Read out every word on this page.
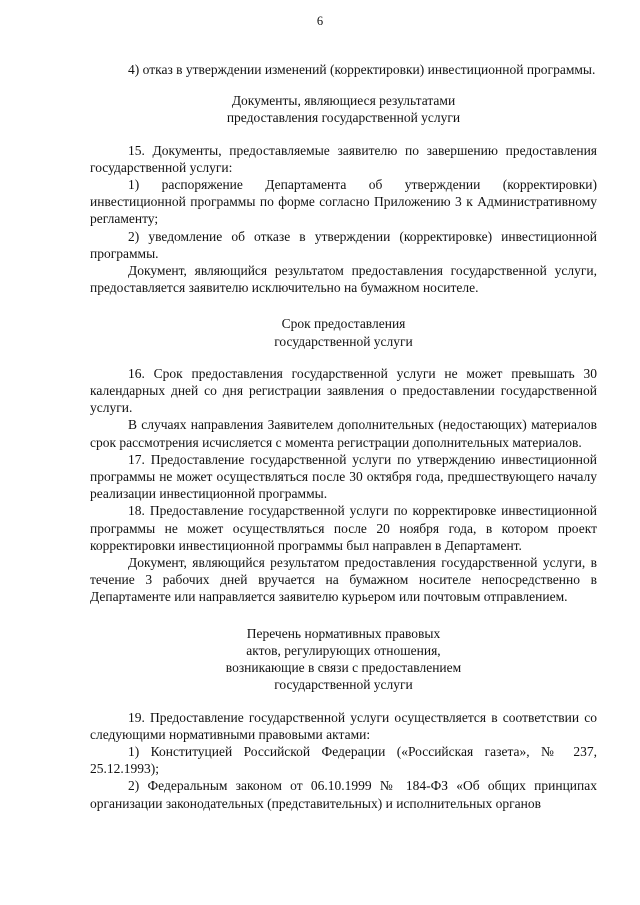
6

4) отказ в утверждении изменений (корректировки) инвестиционной программы.

Документы, являющиеся результатами
предоставления государственной услуги

15. Документы, предоставляемые заявителю по завершению предоставления государственной услуги:

1) распоряжение Департамента об утверждении (корректировки) инвестиционной программы по форме согласно Приложению 3 к Административному регламенту;

2) уведомление об отказе в утверждении (корректировке) инвестиционной программы.

Документ, являющийся результатом предоставления государственной услуги, предоставляется заявителю исключительно на бумажном носителе.

Срок предоставления
государственной услуги

16. Срок предоставления государственной услуги не может превышать 30 календарных дней со дня регистрации заявления о предоставлении государственной услуги.

В случаях направления Заявителем дополнительных (недостающих) материалов срок рассмотрения исчисляется с момента регистрации дополнительных материалов.

17. Предоставление государственной услуги по утверждению инвестиционной программы не может осуществляться после 30 октября года, предшествующего началу реализации инвестиционной программы.

18. Предоставление государственной услуги по корректировке инвестиционной программы не может осуществляться после 20 ноября года, в котором проект корректировки инвестиционной программы был направлен в Департамент.

Документ, являющийся результатом предоставления государственной услуги, в течение 3 рабочих дней вручается на бумажном носителе непосредственно в Департаменте или направляется заявителю курьером или почтовым отправлением.

Перечень нормативных правовых
актов, регулирующих отношения,
возникающие в связи с предоставлением
государственной услуги

19. Предоставление государственной услуги осуществляется в соответствии со следующими нормативными правовыми актами:

1) Конституцией Российской Федерации («Российская газета», № 237, 25.12.1993);

2) Федеральным законом от 06.10.1999 № 184-ФЗ «Об общих принципах организации законодательных (представительных) и исполнительных органов
